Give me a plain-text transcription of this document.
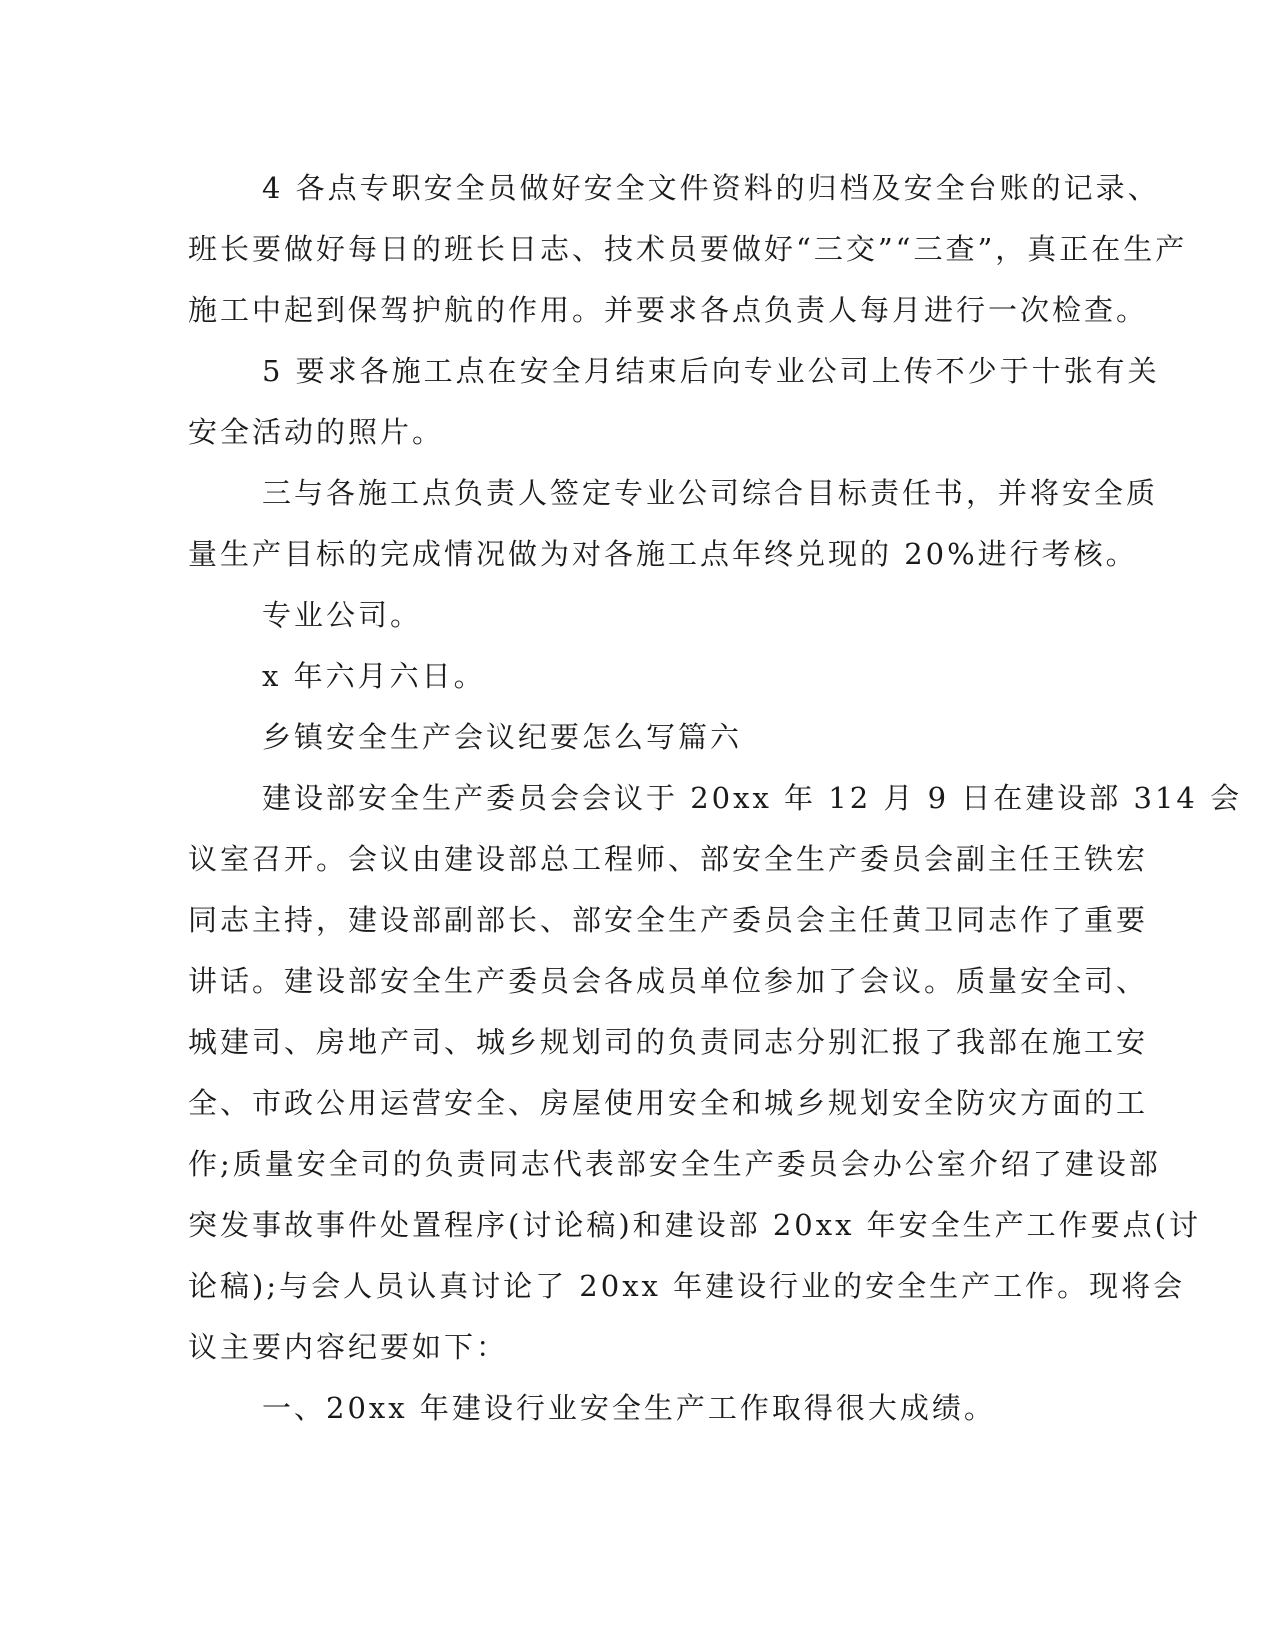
4 各点专职安全员做好安全文件资料的归档及安全台账的记录、
班长要做好每日的班长日志、技术员要做好“三交”“三查”，真正在生产
施工中起到保驾护航的作用。并要求各点负责人每月进行一次检查。
5 要求各施工点在安全月结束后向专业公司上传不少于十张有关
安全活动的照片。
三与各施工点负责人签定专业公司综合目标责任书，并将安全质
量生产目标的完成情况做为对各施工点年终兑现的 20%进行考核。
专业公司。
x 年六月六日。
乡镇安全生产会议纪要怎么写篇六
建设部安全生产委员会会议于 20xx 年 12 月 9 日在建设部 314 会
议室召开。会议由建设部总工程师、部安全生产委员会副主任王铁宏
同志主持，建设部副部长、部安全生产委员会主任黄卫同志作了重要
讲话。建设部安全生产委员会各成员单位参加了会议。质量安全司、
城建司、房地产司、城乡规划司的负责同志分别汇报了我部在施工安
全、市政公用运营安全、房屋使用安全和城乡规划安全防灾方面的工
作;质量安全司的负责同志代表部安全生产委员会办公室介绍了建设部
突发事故事件处置程序(讨论稿)和建设部 20xx 年安全生产工作要点(讨
论稿);与会人员认真讨论了 20xx 年建设行业的安全生产工作。现将会
议主要内容纪要如下：
一、20xx 年建设行业安全生产工作取得很大成绩。
